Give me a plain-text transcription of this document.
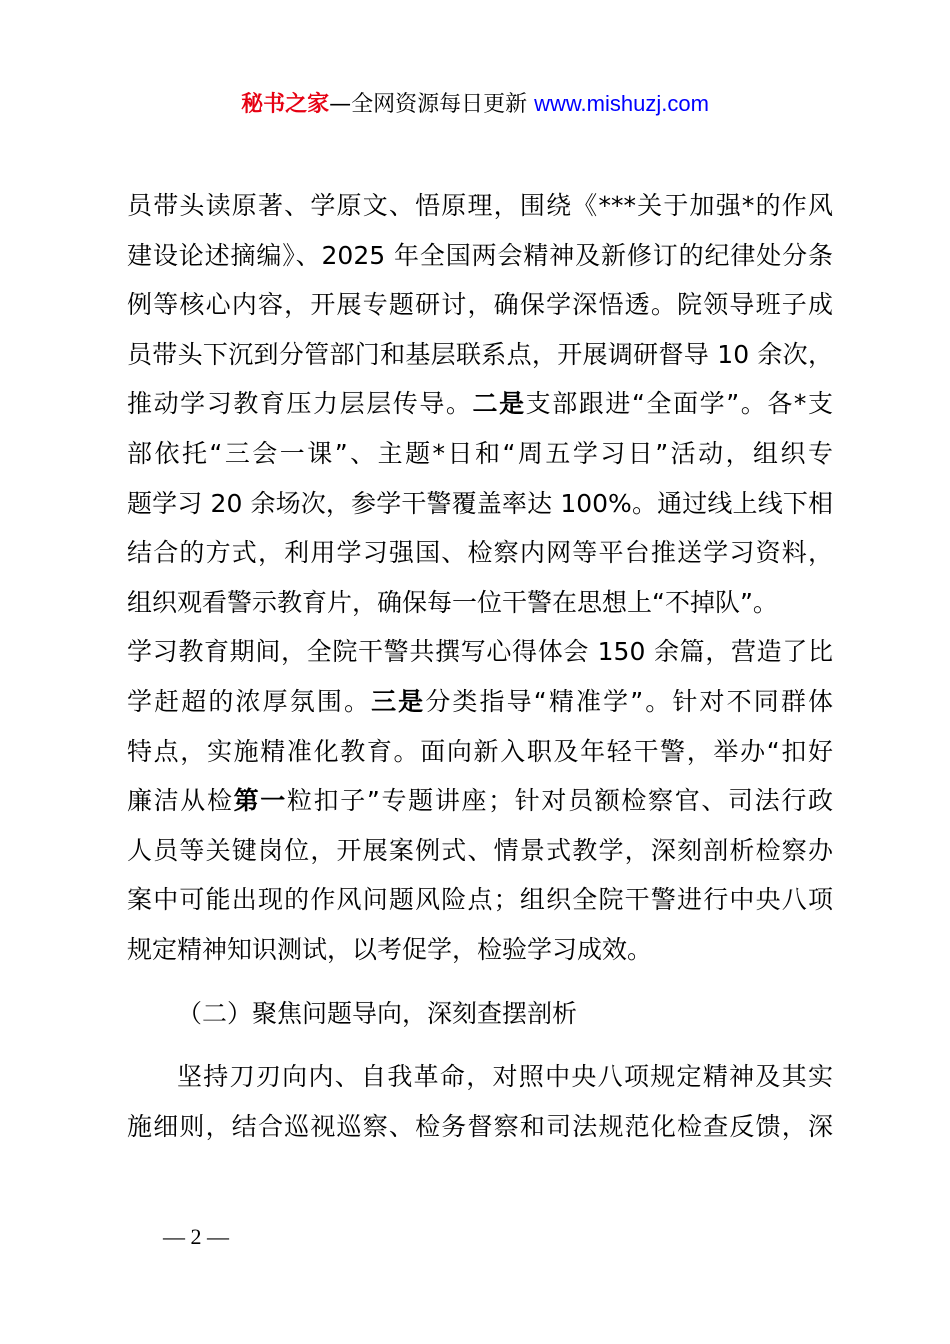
秘书之家—全网资源每日更新 www.mishuzj.com
员带头读原著、学原文、悟原理，围绕《***关于加强*的作风
建设论述摘编》、2025 年全国两会精神及新修订的纪律处分条
例等核心内容，开展专题研讨，确保学深悟透。院领导班子成
员带头下沉到分管部门和基层联系点，开展调研督导 10 余次，
推动学习教育压力层层传导。二是支部跟进“全面学”。各*支
部依托“三会一课”、主题*日和“周五学习日”活动，组织专
题学习 20 余场次，参学干警覆盖率达 100%。通过线上线下相
结合的方式，利用学习强国、检察内网等平台推送学习资料，
组织观看警示教育片，确保每一位干警在思想上“不掉队”。
学习教育期间，全院干警共撰写心得体会 150 余篇，营造了比
学赶超的浓厚氛围。三是分类指导“精准学”。针对不同群体
特点，实施精准化教育。面向新入职及年轻干警，举办“扣好
廉洁从检第一粒扣子”专题讲座；针对员额检察官、司法行政
人员等关键岗位，开展案例式、情景式教学，深刻剖析检察办
案中可能出现的作风问题风险点；组织全院干警进行中央八项
规定精神知识测试，以考促学，检验学习成效。
（二）聚焦问题导向，深刻查摆剖析
坚持刀刃向内、自我革命，对照中央八项规定精神及其实
施细则，结合巡视巡察、检务督察和司法规范化检查反馈，深
— 2 —
